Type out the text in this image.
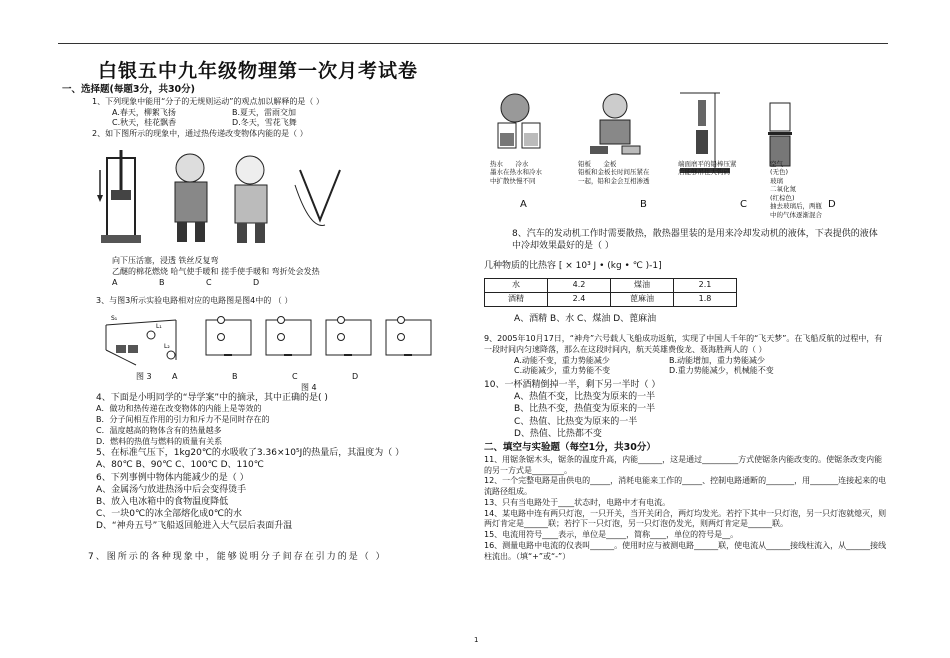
白银五中九年级物理第一次月考试卷
一、选择题(每题3分，共30分)
1、下列现象中能用“分子的无规则运动”的观点加以解释的是（ ）
A.春天，柳絮飞扬	B.夏天，雷雨交加
C.秋天，桂花飘香	D.冬天，雪花飞舞
2、如下图所示的现象中，通过热传递改变物体内能的是（ ）
向下压活塞，浸透 铁丝反复弯
乙醚的棉花燃烧 哈气使手暖和 搓手使手暖和 弯折处会发热
A	B	C	D
3、与图3所示实验电路相对应的电路图是图4中的 （ ）
S₁
L₁
L₂
图 3	A	B	C	D
图 4
4、下面是小明同学的“导学案”中的摘录，其中正确的是( )
A．做功和热传递在改变物体的内能上是等效的
B．分子间相互作用的引力和斥力不是同时存在的
C．温度越高的物体含有的热量越多
D．燃料的热值与燃料的质量有关系
5、在标准气压下，1kg20℃的水吸收了3.36×10⁵J的热量后，其温度为（ ）
A、80℃ B、90℃ C、100℃ D、110℃
6、下列事例中物体内能减少的是（ ）
A、金属汤勺放进热汤中后会变得烫手
B、放入电冰箱中的食物温度降低
C、一块0℃的冰全部熔化成0℃的水
D、“神舟五号”飞船返回舱进入大气层后表面升温
7、图所示的各种现象中，能够说明分子间存在引力的是（ ）
热水      冷水
墨水在热水和冷水
中扩散快慢不同
铅板      金板
铅板和金板长时间压紧在
一起，铅和金会互相渗透
端面磨平的铅棒压紧
后能够吊住大钩码
空气
(无色)
玻璃
二氧化氮
(红棕色)
抽去玻璃后，两瓶
中的气体逐渐混合
A	B	C	D
8、汽车的发动机工作时需要散热，散热器里装的是用来冷却发动机的液体，下表提供的液体中冷却效果最好的是（ ）
几种物质的比热容 [ × 10³ J • (kg • ℃ )-1]
水	4.2	煤油	2.1
酒精	2.4	蓖麻油	1.8
A、酒精 B、水 C、煤油 D、蓖麻油
9、2005年10月17日，“神舟”六号载人飞船成功返航，实现了中国人千年的“飞天梦”。在飞船反航的过程中，有一段时间内匀速降落，那么在这段时间内，航天英雄费俊龙、聂海胜两人的（ ）
A.动能不变，重力势能减少	B.动能增加，重力势能减少
C.动能减少，重力势能不变	D.重力势能减少，机械能不变
10、一杯酒精倒掉一半，剩下另一半时（ ）
A、热值不变，比热变为原来的一半
B、比热不变，热值变为原来的一半
C、热值、比热变为原来的一半
D、热值、比热都不变
二、填空与实验题（每空1分，共30分）
11、用锯条锯木头，锯条的温度升高，内能______，这是通过_________方式使锯条内能改变的。使锯条改变内能的另一方式是________。
12、一个完整电路是由供电的_____，消耗电能来工作的_____、控制电路通断的_______，用_______连接起来的电流路径组成。
13、只有当电路处于____状态时，电路中才有电流。
14、某电路中连有两只灯泡，一只开关，当开关闭合，两灯均发光。若拧下其中一只灯泡，另一只灯泡就熄灭，则两灯肯定是______联；若拧下一只灯泡，另一只灯泡仍发光，则两灯肯定是______联。
15、电流用符号____表示，单位是_____，简称____，单位的符号是__。
16、测量电路中电流的仪表叫______。使用时应与被测电路______联，使电流从______接线柱流入，从______接线柱流出。（填“+”或“-”）
1
